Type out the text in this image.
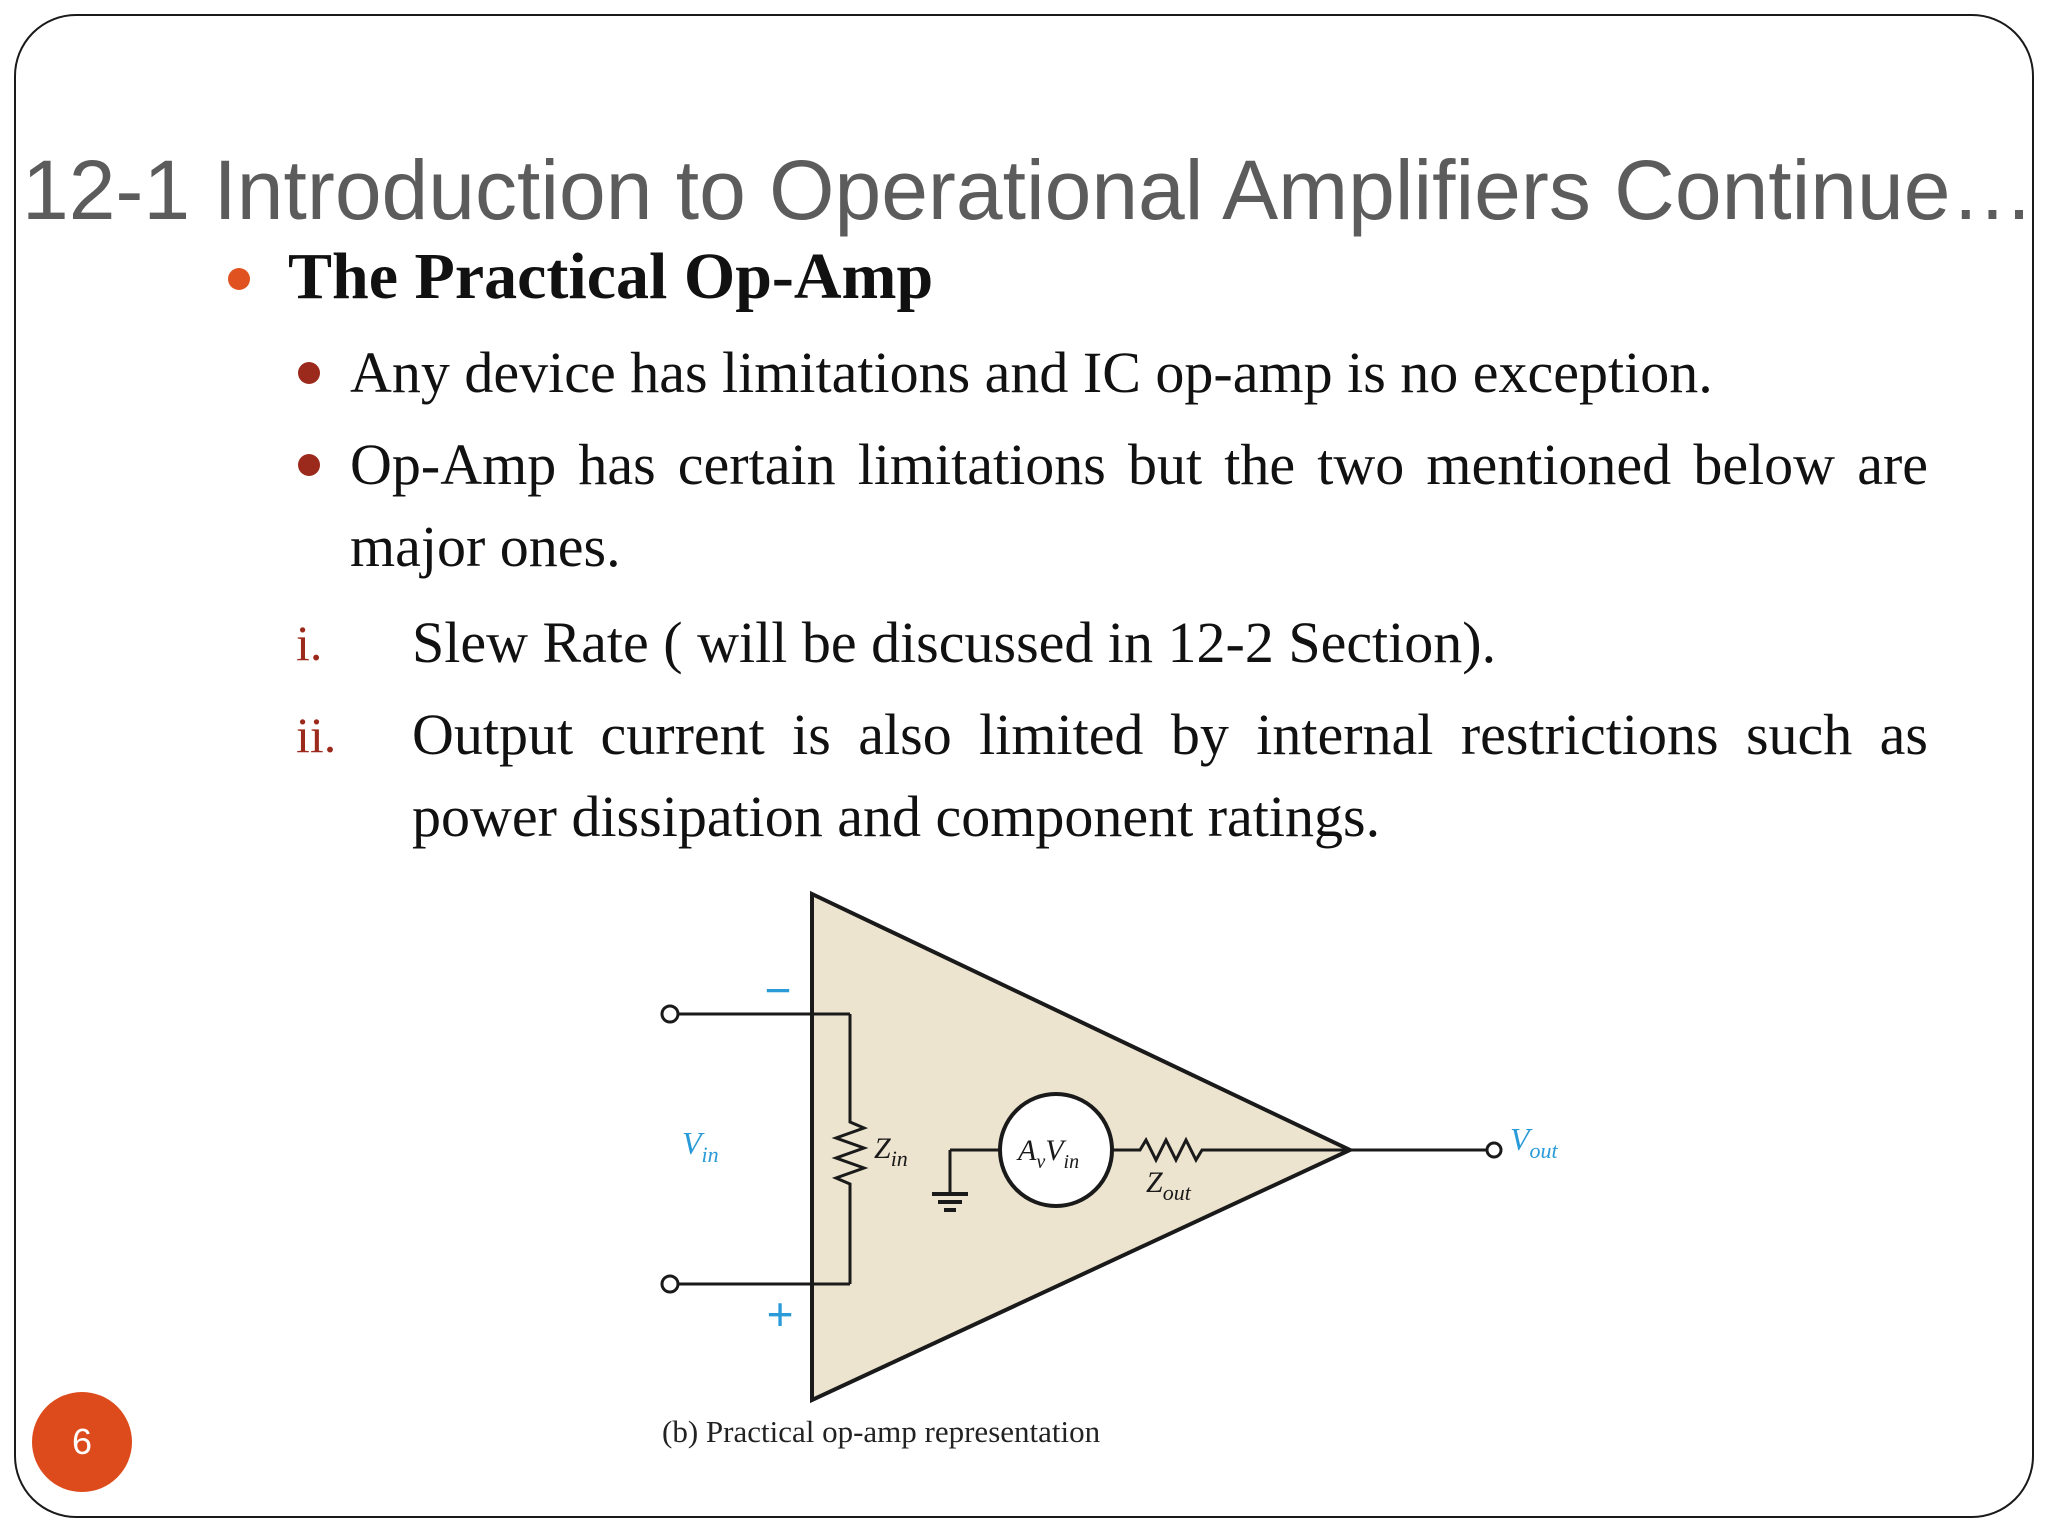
12-1 Introduction to Operational Amplifiers Continue…
The Practical Op-Amp
Any device has limitations and IC op-amp is no exception.
Op-Amp has certain limitations but the two mentioned below are major ones.
i.	Slew Rate ( will be discussed in 12-2 Section).
ii.	Output current is also limited by internal restrictions such as power dissipation and component ratings.
−
+
$V_{in}$	$Z_{in}$	$A_vV_{in}$
$Z_{out}$
$V_{out}$
(b) Practical op-amp representation
6
